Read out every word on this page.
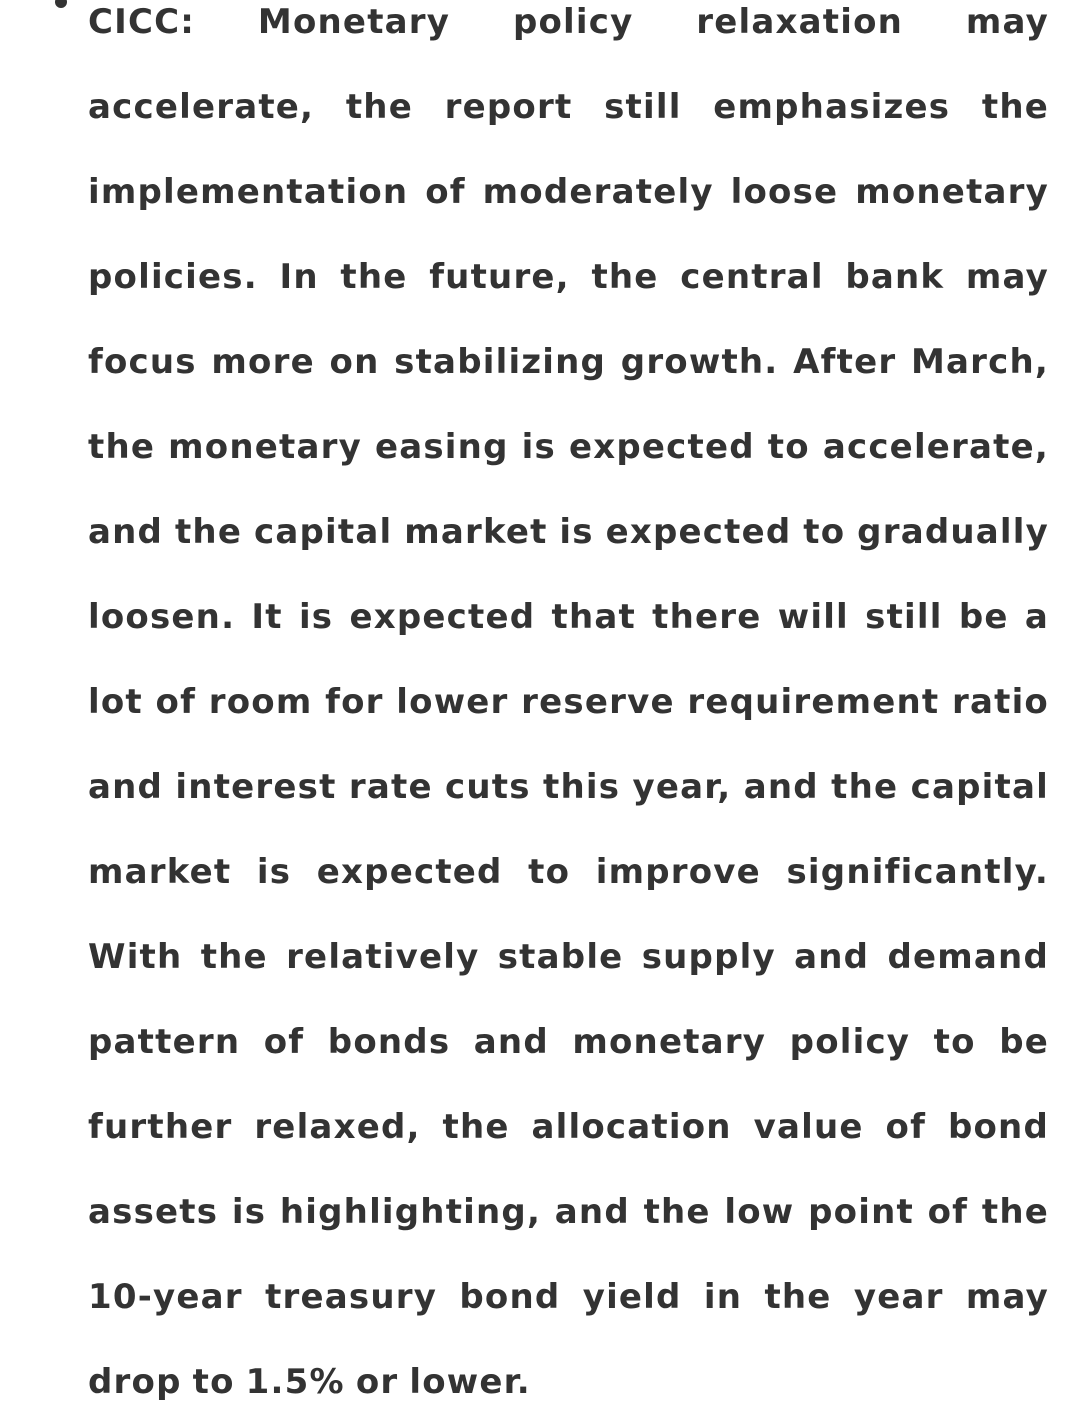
CICC: Monetary policy relaxation may accelerate, the report still emphasizes the implementation of moderately loose monetary policies. In the future, the central bank may focus more on stabilizing growth. After March, the monetary easing is expected to accelerate, and the capital market is expected to gradually loosen. It is expected that there will still be a lot of room for lower reserve requirement ratio and interest rate cuts this year, and the capital market is expected to improve significantly. With the relatively stable supply and demand pattern of bonds and monetary policy to be further relaxed, the allocation value of bond assets is highlighting, and the low point of the 10-year treasury bond yield in the year may drop to 1.5% or lower.
